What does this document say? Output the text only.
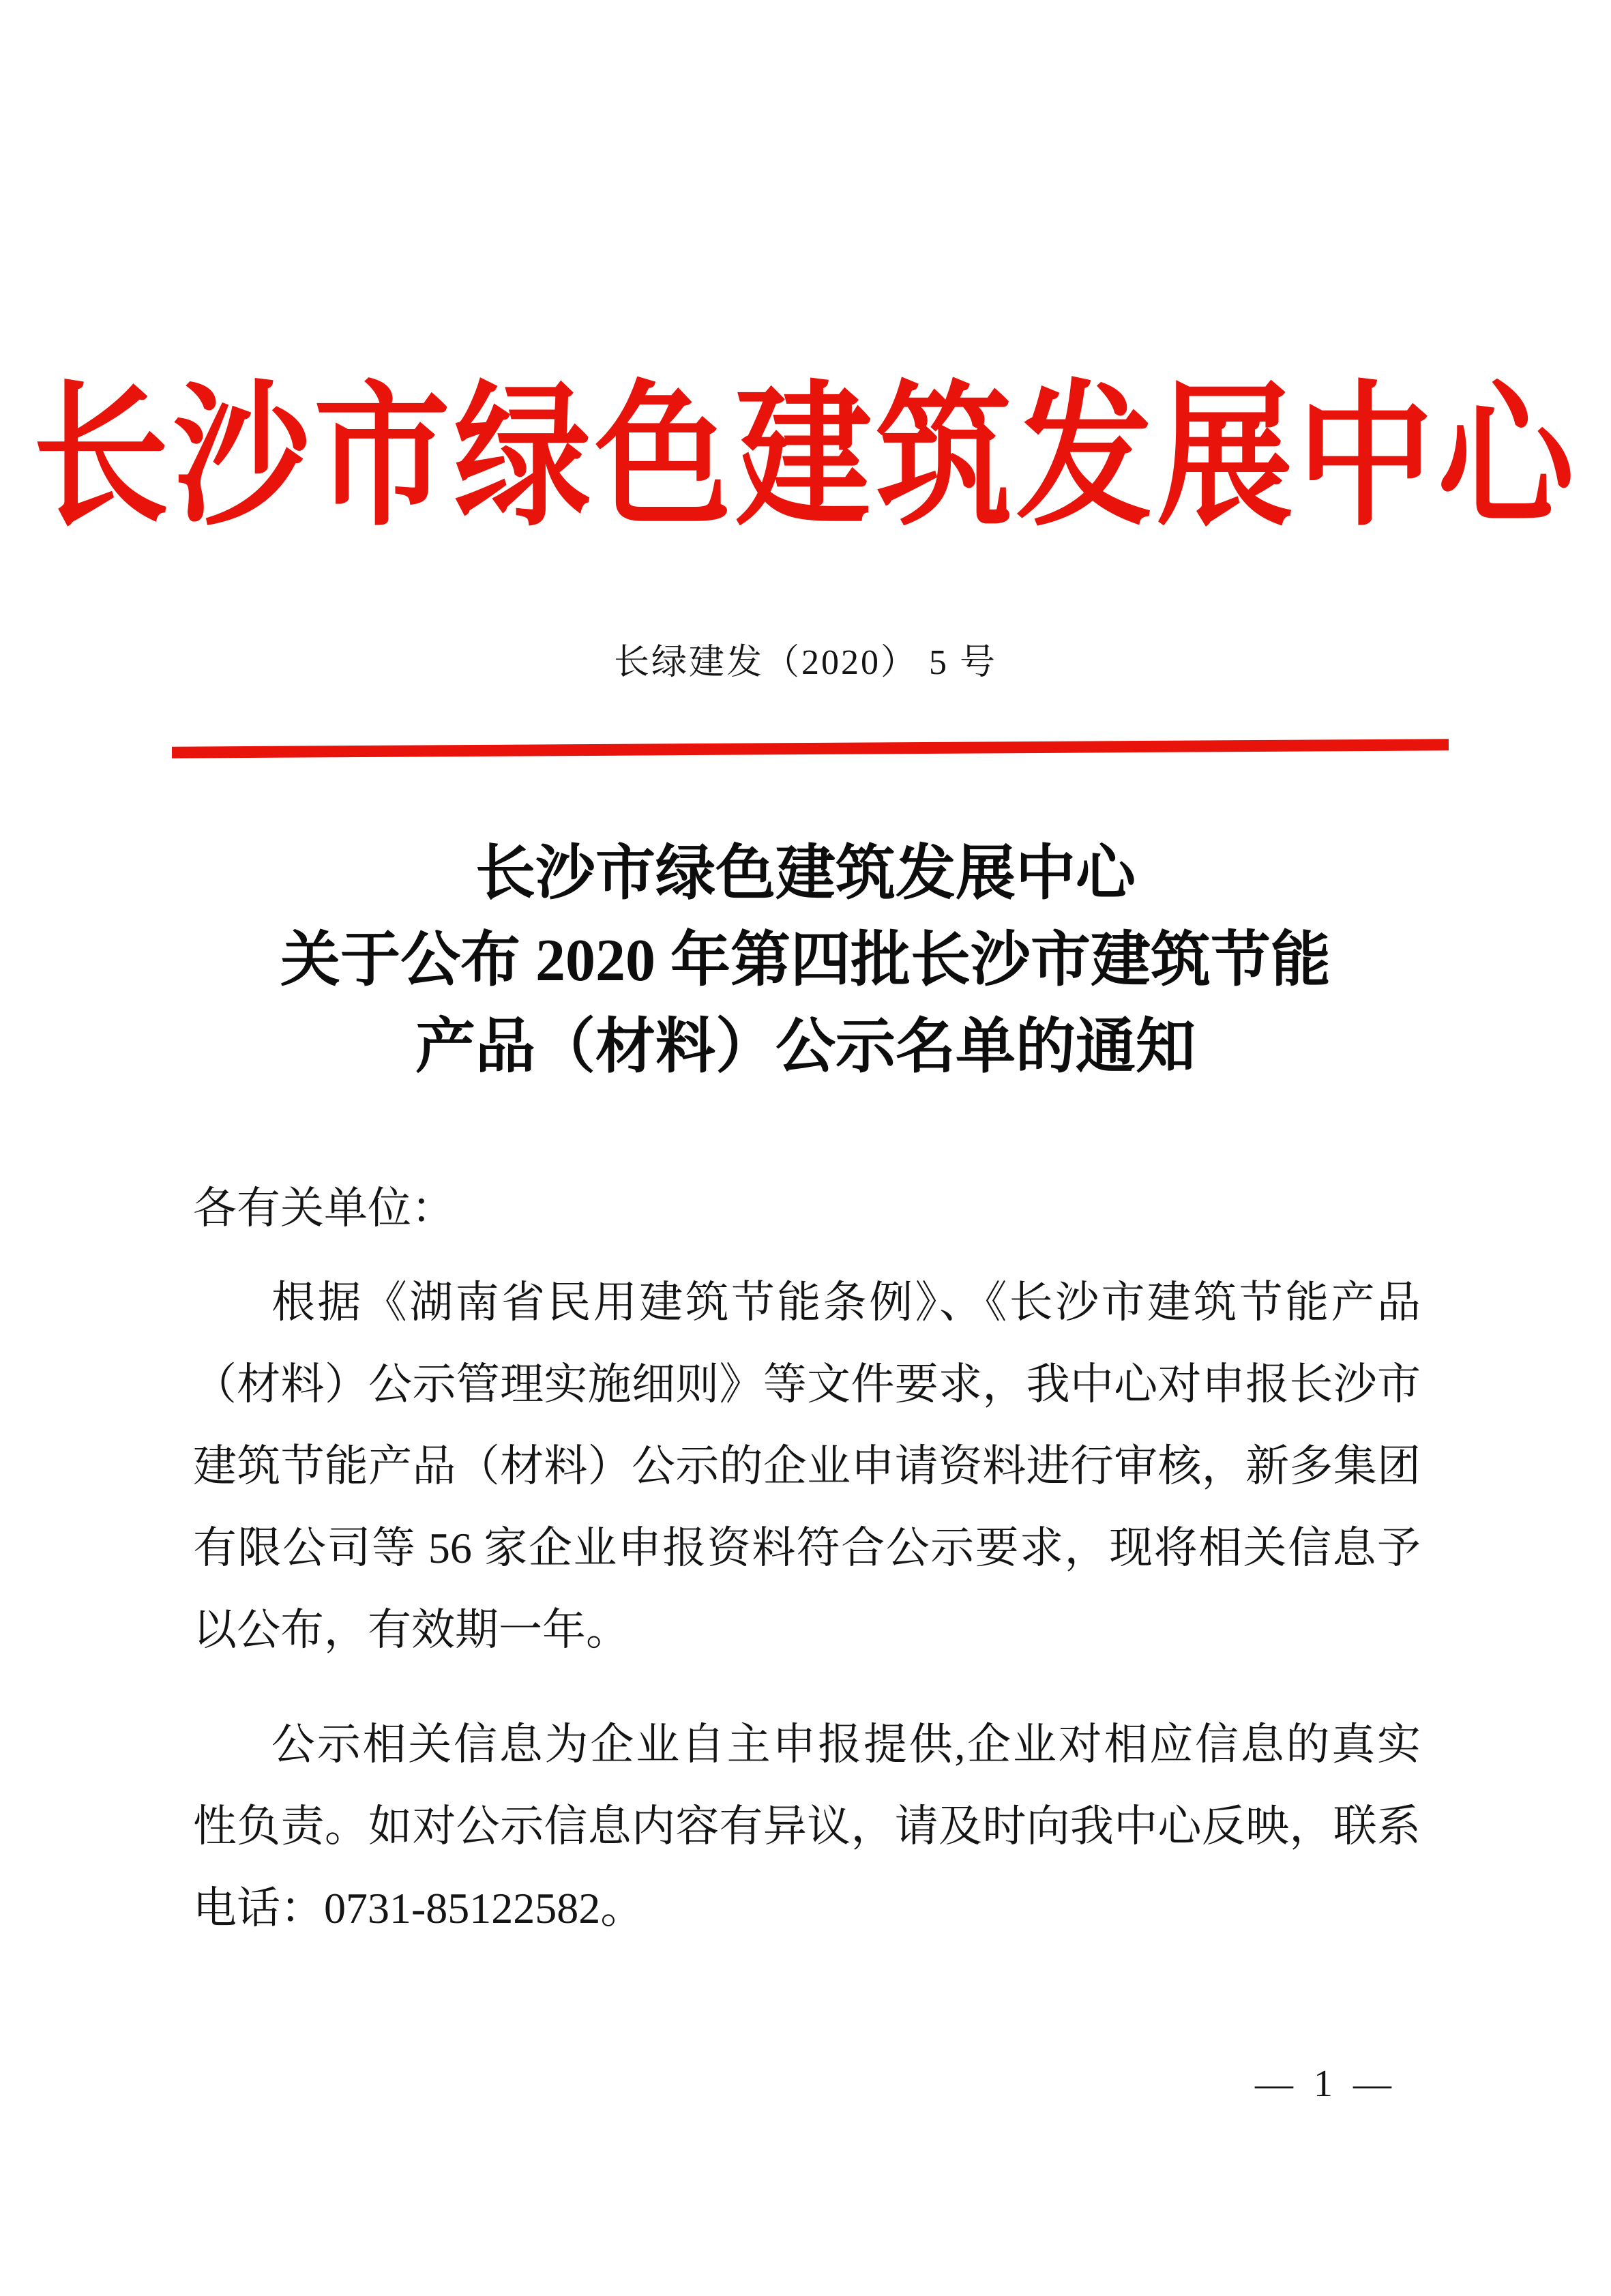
长沙市绿色建筑发展中心
长绿建发（2020） 5 号
长沙市绿色建筑发展中心
关于公布 2020 年第四批长沙市建筑节能
产品（材料）公示名单的通知
各有关单位：
根据《湖南省民用建筑节能条例》、《长沙市建筑节能产品
（材料）公示管理实施细则》等文件要求，我中心对申报长沙市
建筑节能产品（材料）公示的企业申请资料进行审核，新多集团
有限公司等 56 家企业申报资料符合公示要求，现将相关信息予
以公布，有效期一年。
公示相关信息为企业自主申报提供,企业对相应信息的真实
性负责。如对公示信息内容有异议，请及时向我中心反映，联系
电话：0731-85122582。
— 1 —
